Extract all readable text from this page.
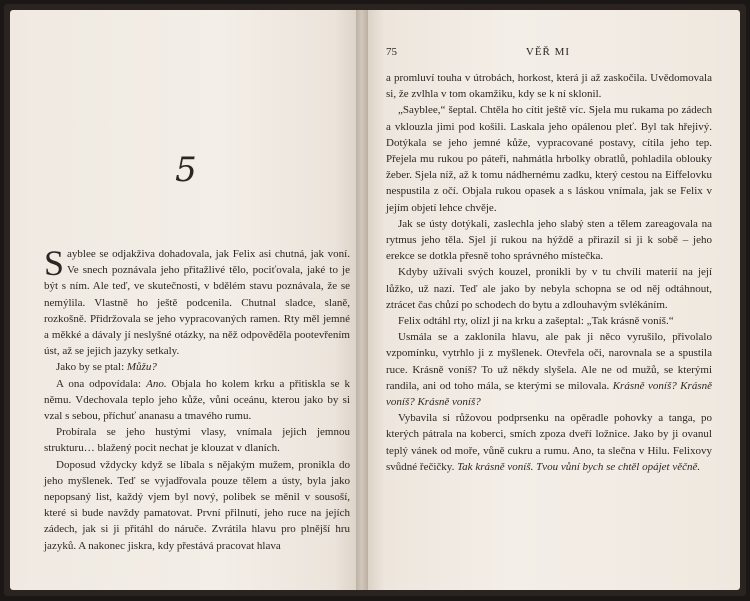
5

Sayblee se odjakživa dohadovala, jak Felix asi chutná, jak voní. Ve snech poznávala jeho přitažlivé tělo, pociťovala, jaké to je být s ním. Ale teď, ve skutečnosti, v bdělém stavu poznávala, že se nemýlila. Vlastně ho ještě podcenila. Chutnal sladce, slaně, rozkošně. Přidržovala se jeho vypracovaných ramen. Rty měl jemné a měkké a dávaly jí neslyšné otázky, na něž odpověděla pootevřením úst, až se jejich jazyky setkaly.

Jako by se ptal: Můžu?

A ona odpovídala: Ano. Objala ho kolem krku a přitiskla se k němu. Vdechovala teplo jeho kůže, vůni oceánu, kterou jako by si vzal s sebou, příchuť ananasu a tmavého rumu.

Probírala se jeho hustými vlasy, vnímala jejich jemnou strukturu… blažený pocit nechat je klouzat v dlaních.

Doposud vždycky když se líbala s nějakým mužem, pronikla do jeho myšlenek. Teď se vyjadřovala pouze tělem a ústy, byla jako nepopsaný list, každý vjem byl nový, polibek se měnil v sousoší, které si bude navždy pamatovat. První přilnutí, jeho ruce na jejích zádech, jak si ji přitáhl do náruče. Zvrátila hlavu pro plnější hru jazyků. A nakonec jiskra, kdy přestává pracovat hlava

75	VĚŘ MI

a promluví touha v útrobách, horkost, která ji až zaskočila. Uvědomovala si, že zvlhla v tom okamžiku, kdy se k ní sklonil.

„Saybleе,“ šeptal. Chtěla ho cítit ještě víc. Sjela mu rukama po zádech a vklouzla jimi pod košili. Laskala jeho opálenou pleť. Byl tak hřejivý. Dotýkala se jeho jemné kůže, vypracované postavy, cítila jeho tep. Přejela mu rukou po páteři, nahmátla hrbolky obratlů, pohladila oblouky žeber. Sjela níž, až k tomu nádhernému zadku, který cestou na Eiffelovku nespustila z očí. Objala rukou opasek a s láskou vnímala, jak se Felix v jejím objetí lehce chvěje.

Jak se ústy dotýkali, zaslechla jeho slabý sten a tělem zareagovala na rytmus jeho těla. Sjel jí rukou na hýždě a přirazil si ji k sobě – jeho erekce se dotkla přesně toho správného místečka.

Kdyby užívali svých kouzel, pronikli by v tu chvíli materií na její lůžko, už nazí. Teď ale jako by nebyla schopna se od něj odtáhnout, ztrácet čas chůzí po schodech do bytu a zdlouhavým svlékáním.

Felix odtáhl rty, olízl ji na krku a zašeptal: „Tak krásně voníš.“

Usmála se a zaklonila hlavu, ale pak ji něco vyrušilo, přivolalo vzpomínku, vytrhlo ji z myšlenek. Otevřela oči, narovnala se a spustila ruce. Krásně voníš? To už někdy slyšela. Ale ne od mužů, se kterými randila, ani od toho mála, se kterými se milovala. Krásně voníš? Krásně voníš? Krásně voníš?

Vybavila si růžovou podprsenku na opěradle pohovky a tanga, po kterých pátrala na koberci, smích zpoza dveří ložnice. Jako by ji ovanul teplý vánek od moře, vůně cukru a rumu. Ano, ta slečna v Hilu. Felixovy svůdné řečičky. Tak krásně voníš. Tvou vůní bych se chtěl opájet věčně.
